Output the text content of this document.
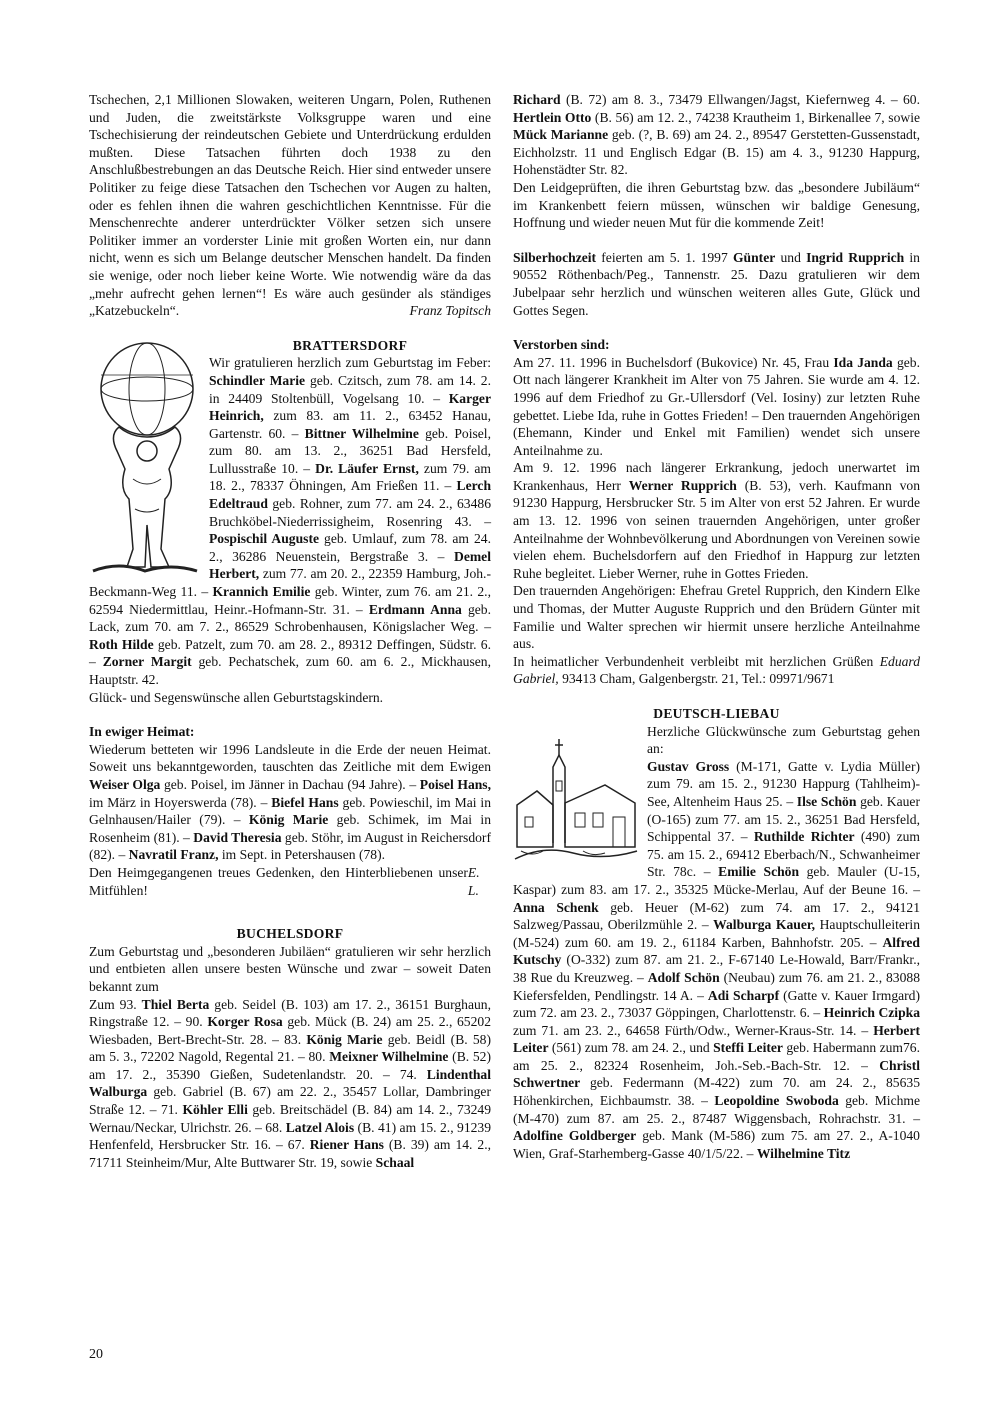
Tschechen, 2,1 Millionen Slowaken, weiteren Ungarn, Polen, Ruthenen und Juden, die zweitstärkste Volksgruppe waren und eine Tschechisierung der reindeutschen Gebiete und Unterdrückung erdulden mußten. Diese Tatsachen führten doch 1938 zu den Anschlußbestrebungen an das Deutsche Reich. Hier sind entweder unsere Politiker zu feige diese Tatsachen den Tschechen vor Augen zu halten, oder es fehlen ihnen die wahren geschichtlichen Kenntnisse. Für die Menschenrechte anderer unterdrückter Völker setzen sich unsere Politiker immer an vorderster Linie mit großen Worten ein, nur dann nicht, wenn es sich um Belange deutscher Menschen handelt. Da finden sie wenige, oder noch lieber keine Worte. Wie notwendig wäre da das „mehr aufrecht gehen lernen“! Es wäre auch gesünder als ständiges „Katzebuckeln“.	Franz Topitsch

BRATTERSDORF

Wir gratulieren herzlich zum Geburtstag im Feber: Schindler Marie geb. Czitsch, zum 78. am 14. 2. in 24409 Stoltenbüll, Vogelsang 10. – Karger Heinrich, zum 83. am 11. 2., 63452 Hanau, Gartenstr. 60. – Bittner Wilhelmine geb. Poisel, zum 80. am 13. 2., 36251 Bad Hersfeld, Lullusstraße 10. – Dr. Läufer Ernst, zum 79. am 18. 2., 78337 Öhningen, Am Frießen 11. – Lerch Edeltraud geb. Rohner, zum 77. am 24. 2., 63486 Bruchköbel-Niederrissigheim, Rosenring 43. – Pospischil Auguste geb. Umlauf, zum 78. am 24. 2., 36286 Neuenstein, Bergstraße 3. – Demel Herbert, zum 77. am 20. 2., 22359 Hamburg, Joh.-Beckmann-Weg 11. – Krannich Emilie geb. Winter, zum 76. am 21. 2., 62594 Niedermittlau, Heinr.-Hofmann-Str. 31. – Erdmann Anna geb. Lack, zum 70. am 7. 2., 86529 Schrobenhausen, Königslacher Weg. – Roth Hilde geb. Patzelt, zum 70. am 28. 2., 89312 Deffingen, Südstr. 6. – Zorner Margit geb. Pechatschek, zum 60. am 6. 2., Mickhausen, Hauptstr. 42.

Glück- und Segenswünsche allen Geburtstagskindern.

In ewiger Heimat:

Wiederum betteten wir 1996 Landsleute in die Erde der neuen Heimat. Soweit uns bekanntgeworden, tauschten das Zeitliche mit dem Ewigen Weiser Olga geb. Poisel, im Jänner in Dachau (94 Jahre). – Poisel Hans, im März in Hoyerswerda (78). – Biefel Hans geb. Powieschil, im Mai in Gelnhausen/Hailer (79). – König Marie geb. Schimek, im Mai in Rosenheim (81). – David Theresia geb. Stöhr, im August in Reichersdorf (82). – Navratil Franz, im Sept. in Petershausen (78).

Den Heimgegangenen treues Gedenken, den Hinterbliebenen unser Mitfühlen!
E. L.

BUCHELSDORF

Zum Geburtstag und „besonderen Jubiläen“ gratulieren wir sehr herzlich und entbieten allen unsere besten Wünsche und zwar – soweit Daten bekannt zum
Zum 93. Thiel Berta geb. Seidel (B. 103) am 17. 2., 36151 Burghaun, Ringstraße 12. – 90. Korger Rosa geb. Mück (B. 24) am 25. 2., 65202 Wiesbaden, Bert-Brecht-Str. 28. – 83. König Marie geb. Beidl (B. 58) am 5. 3., 72202 Nagold, Regental 21. – 80. Meixner Wilhelmine (B. 52) am 17. 2., 35390 Gießen, Sudetenlandstr. 20. – 74. Lindenthal Walburga geb. Gabriel (B. 67) am 22. 2., 35457 Lollar, Dambringer Straße 12. – 71. Köhler Elli geb. Breitschädel (B. 84) am 14. 2., 73249 Wernau/Neckar, Ulrichstr. 26. – 68. Latzel Alois (B. 41) am 15. 2., 91239 Henfenfeld, Hersbrucker Str. 16. – 67. Riener Hans (B. 39) am 14. 2., 71711 Steinheim/Mur, Alte Buttwarer Str. 19, sowie Schaal

Richard (B. 72) am 8. 3., 73479 Ellwangen/Jagst, Kiefernweg 4. – 60. Hertlein Otto (B. 56) am 12. 2., 74238 Krautheim 1, Birkenallee 7, sowie Mück Marianne geb. (?, B. 69) am 24. 2., 89547 Gerstetten-Gussenstadt, Eichholzstr. 11 und Englisch Edgar (B. 15) am 4. 3., 91230 Happurg, Hohenstädter Str. 82.

Den Leidgeprüften, die ihren Geburtstag bzw. das „besondere Jubiläum“ im Krankenbett feiern müssen, wünschen wir baldige Genesung, Hoffnung und wieder neuen Mut für die kommende Zeit!

Silberhochzeit feierten am 5. 1. 1997 Günter und Ingrid Rupprich in 90552 Röthenbach/Peg., Tannenstr. 25. Dazu gratulieren wir dem Jubelpaar sehr herzlich und wünschen weiteren alles Gute, Glück und Gottes Segen.

Verstorben sind:

Am 27. 11. 1996 in Buchelsdorf (Bukovice) Nr. 45, Frau Ida Janda geb. Ott nach längerer Krankheit im Alter von 75 Jahren. Sie wurde am 4. 12. 1996 auf dem Friedhof zu Gr.-Ullersdorf (Vel. Iosiny) zur letzten Ruhe gebettet. Liebe Ida, ruhe in Gottes Frieden! – Den trauernden Angehörigen (Ehemann, Kinder und Enkel mit Familien) wendet sich unsere Anteilnahme zu.

Am 9. 12. 1996 nach längerer Erkrankung, jedoch unerwartet im Krankenhaus, Herr Werner Rupprich (B. 53), verh. Kaufmann von 91230 Happurg, Hersbrucker Str. 5 im Alter von erst 52 Jahren. Er wurde am 13. 12. 1996 von seinen trauernden Angehörigen, unter großer Anteilnahme der Wohnbevölkerung und Abordnungen von Vereinen sowie vielen ehem. Buchelsdorfern auf den Friedhof in Happurg zur letzten Ruhe begleitet. Lieber Werner, ruhe in Gottes Frieden.

Den trauernden Angehörigen: Ehefrau Gretel Rupprich, den Kindern Elke und Thomas, der Mutter Auguste Rupprich und den Brüdern Günter mit Familie und Walter sprechen wir hiermit unsere herzliche Anteilnahme aus.

In heimatlicher Verbundenheit verbleibt mit herzlichen Grüßen Eduard Gabriel, 93413 Cham, Galgenbergstr. 21, Tel.: 09971/9671

DEUTSCH-LIEBAU

Herzliche Glückwünsche zum Geburtstag gehen an:
Gustav Gross (M-171, Gatte v. Lydia Müller) zum 79. am 15. 2., 91230 Happurg (Tahlheim)-See, Altenheim Haus 25. – Ilse Schön geb. Kauer (O-165) zum 77. am 15. 2., 36251 Bad Hersfeld, Schippental 37. – Ruthilde Richter (490) zum 75. am 15. 2., 69412 Eberbach/N., Schwanheimer Str. 78c. – Emilie Schön geb. Mauler (U-15, Kaspar) zum 83. am 17. 2., 35325 Mücke-Merlau, Auf der Beune 16. – Anna Schenk geb. Heuer (M-62) zum 74. am 17. 2., 94121 Salzweg/Passau, Oberilzmühle 2. – Walburga Kauer, Hauptschulleiterin (M-524) zum 60. am 19. 2., 61184 Karben, Bahnhofstr. 205. – Alfred Kutschy (O-332) zum 87. am 21. 2., F-67140 Le-Howald, Barr/Frankr., 38 Rue du Kreuzweg. – Adolf Schön (Neubau) zum 76. am 21. 2., 83088 Kiefersfelden, Pendlingstr. 14 A. – Adi Scharpf (Gatte v. Kauer Irmgard) zum 72. am 23. 2., 73037 Göppingen, Charlottenstr. 6. – Heinrich Czipka zum 71. am 23. 2., 64658 Fürth/Odw., Werner-Kraus-Str. 14. – Herbert Leiter (561) zum 78. am 24. 2., und Steffi Leiter geb. Habermann zum76. am 25. 2., 82324 Rosenheim, Joh.-Seb.-Bach-Str. 12. – Christl Schwertner geb. Federmann (M-422) zum 70. am 24. 2., 85635 Höhenkirchen, Eichbaumstr. 38. – Leopoldine Swoboda geb. Michme (M-470) zum 87. am 25. 2., 87487 Wiggensbach, Rohrachstr. 31. – Adolfine Goldberger geb. Mank (M-586) zum 75. am 27. 2., A-1040 Wien, Graf-Starhemberg-Gasse 40/1/5/22. – Wilhelmine Titz

20
